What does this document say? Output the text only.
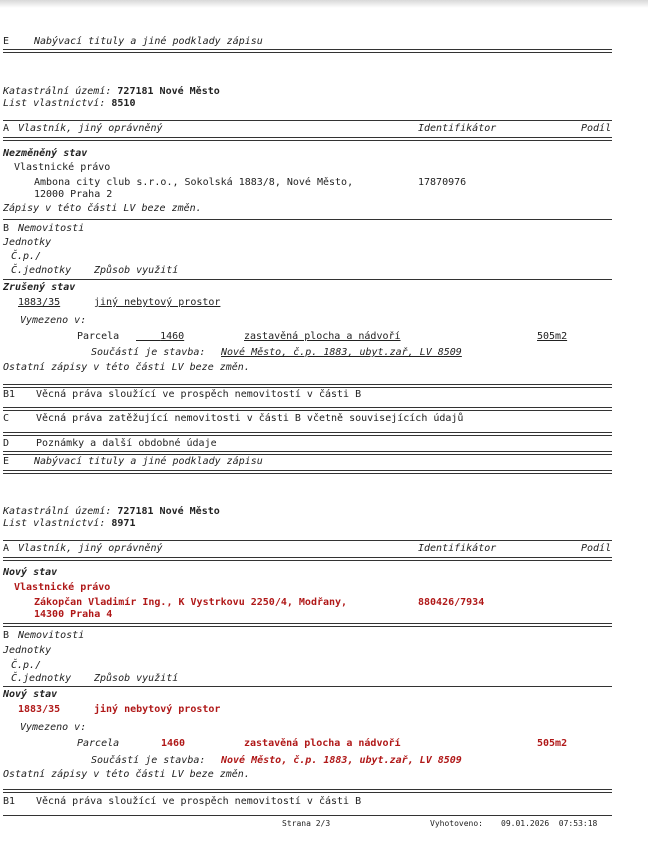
E Nabývací tituly a jiné podklady zápisu
Katastrální území: 727181 Nové Město
List vlastnictví: 8510
A Vlastník, jiný oprávněný	Identifikátor	Podíl
Nezměněný stav
Vlastnické právo
Ambona city club s.r.o., Sokolská 1883/8, Nové Město,	17870976
12000 Praha 2
Zápisy v této části LV beze změn.
B Nemovitosti
Jednotky
Č.p./
Č.jednotky Způsob využití
Zrušený stav
1883/35	jiný nebytový prostor
Vymezeno v:
Parcela	1460	zastavěná plocha a nádvoří	505m2
Součástí je stavba: Nové Město, č.p. 1883, ubyt.zař, LV 8509
Ostatní zápisy v této části LV beze změn.
B1 Věcná práva sloužící ve prospěch nemovitostí v části B
C	Věcná práva zatěžující nemovitosti v části B včetně souvisejících údajů
D	Poznámky a další obdobné údaje
E Nabývací tituly a jiné podklady zápisu
Katastrální území: 727181 Nové Město
List vlastnictví: 8971
A Vlastník, jiný oprávněný	Identifikátor	Podíl
Nový stav
Vlastnické právo
Zákopčan Vladimír Ing., K Vystrkovu 2250/4, Modřany,	880426/7934
14300 Praha 4
B Nemovitosti
Jednotky
Č.p./
Č.jednotky Způsob využití
Nový stav
1883/35	jiný nebytový prostor
Vymezeno v:
Parcela	1460	zastavěná plocha a nádvoří	505m2
Součástí je stavba: Nové Město, č.p. 1883, ubyt.zař, LV 8509
Ostatní zápisy v této části LV beze změn.
B1 Věcná práva sloužící ve prospěch nemovitostí v části B
Strana 2/3	Vyhotoveno: 09.01.2026  07:53:18
